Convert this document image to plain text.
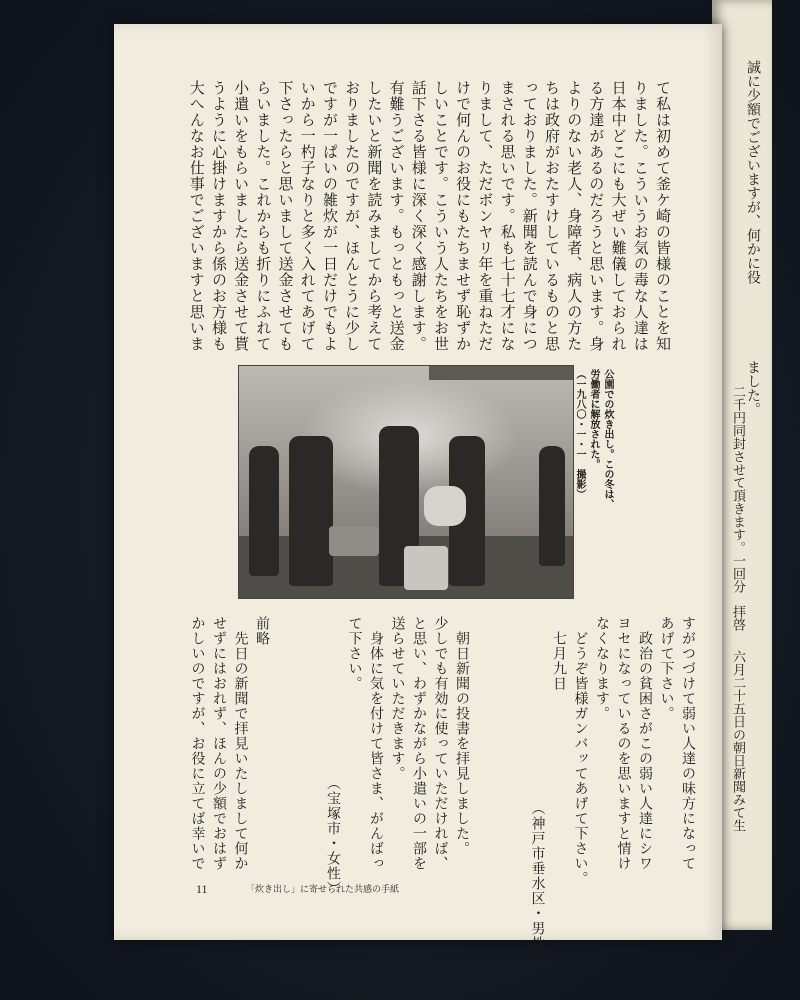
て私は初めて釜ケ崎の皆様のことを知
りました。こういうお気の毒な人達は
日本中どこにも大ぜい難儀しておられ
る方達があるのだろうと思います。身
よりのない老人、身障者、病人の方た
ちは政府がおたすけしているものと思
っておりました。新聞を読んで身につ
まされる思いです。私も七十七才にな
りまして、ただボンヤリ年を重ねただ
けで何んのお役にもたちませず恥ずか
しいことです。こういう人たちをお世
話下さる皆様に深く深く感謝します。
有難うございます。もっともっと送金
したいと新聞を読みましてから考えて
おりましたのですが、ほんとうに少し
ですが一ぱいの雑炊が一日だけでもよ
いから一杓子なりと多く入れてあげて
下さったらと思いまして送金させても
らいました。これからも折りにふれて
小遣いをもらいましたら送金させて貰
うように心掛けますから係のお方様も
大へんなお仕事でございますと思いま
公園での炊き出し。この冬は、
労働者に解放された。
（一九八〇・一・一　撮影）
すがつづけて弱い人達の味方になって
あげて下さい。
　政治の貧困さがこの弱い人達にシワ
ヨセになっているのを思いますと情け
なくなります。
　どうぞ皆様ガンバッてあげて下さい。
　七月九日
（神戸市垂水区・男性）
　朝日新聞の投書を拝見しました。
少しでも有効に使っていただければ、
と思い、わずかながら小遣いの一部を
送らせていただきます。
　身体に気を付けて皆さま、がんばっ
て下さい。
（宝塚市・女性）
前略
　先日の新聞で拝見いたしまして何か
せずにはおれず、ほんの少額でおはず
かしいのですが、お役に立てば幸いで
11	「炊き出し」に寄せられた共感の手紙
誠に少額でございますが、何かに役
ました。
二千円同封させて頂きます。一回分
拝啓
六月二十五日の朝日新聞みて生
